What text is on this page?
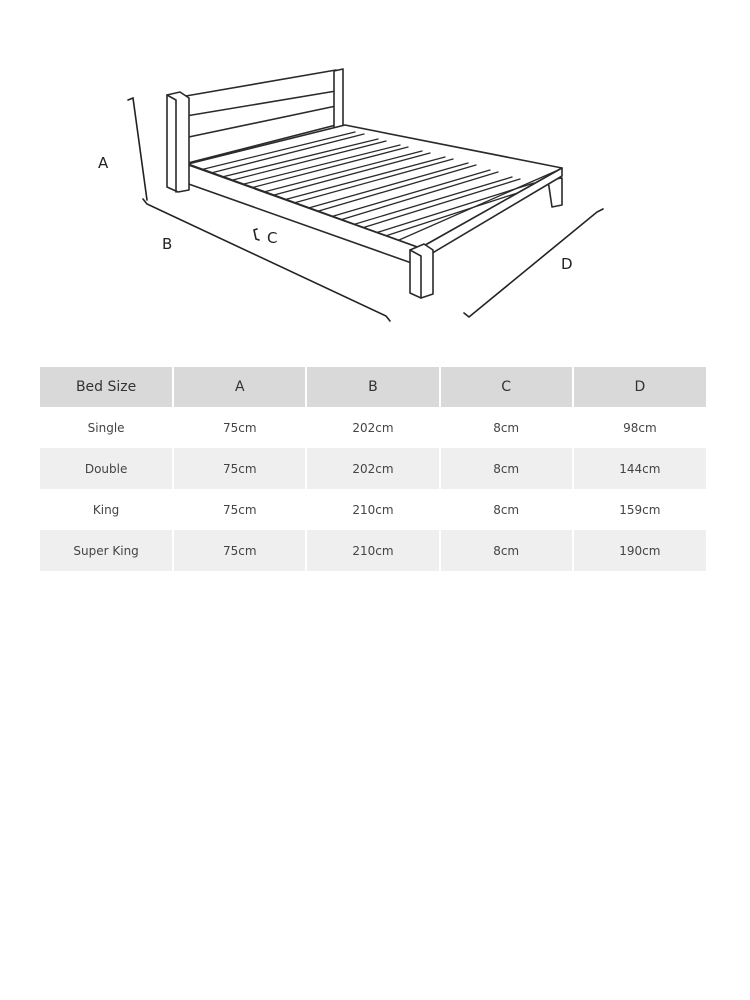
A
B	C
D
Bed Size	A	B	C	D
Single	75cm	202cm	8cm	98cm
Double	75cm	202cm	8cm	144cm
King	75cm	210cm	8cm	159cm
Super King	75cm	210cm	8cm	190cm
